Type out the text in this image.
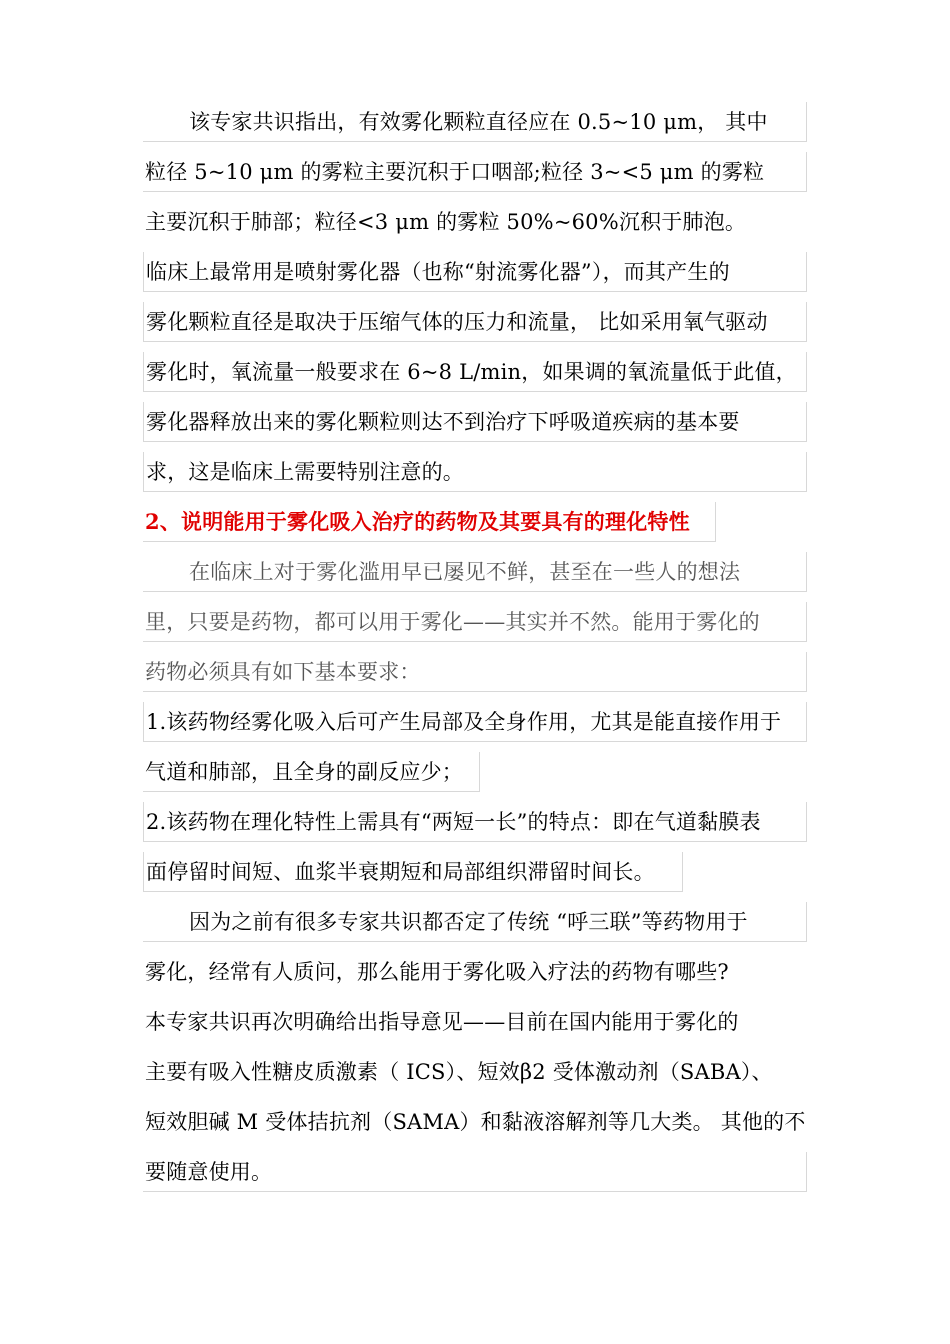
该专家共识指出，有效雾化颗粒直径应在 0.5~10 μm， 其中
粒径 5~10 μm 的雾粒主要沉积于口咽部;粒径 3~<5 μm 的雾粒
主要沉积于肺部；粒径<3 μm 的雾粒 50%~60%沉积于肺泡。
临床上最常用是喷射雾化器（也称“射流雾化器”），而其产生的
雾化颗粒直径是取决于压缩气体的压力和流量， 比如采用氧气驱动
雾化时，氧流量一般要求在 6~8 L/min，如果调的氧流量低于此值，
雾化器释放出来的雾化颗粒则达不到治疗下呼吸道疾病的基本要
求，这是临床上需要特别注意的。
2、说明能用于雾化吸入治疗的药物及其要具有的理化特性
在临床上对于雾化滥用早已屡见不鲜，甚至在一些人的想法
里，只要是药物，都可以用于雾化——其实并不然。能用于雾化的
药物必须具有如下基本要求：
1.该药物经雾化吸入后可产生局部及全身作用，尤其是能直接作用于
气道和肺部，且全身的副反应少；
2.该药物在理化特性上需具有“两短一长”的特点：即在气道黏膜表
面停留时间短、血浆半衰期短和局部组织滞留时间长。
因为之前有很多专家共识都否定了传统 “呼三联”等药物用于
雾化，经常有人质问，那么能用于雾化吸入疗法的药物有哪些?
本专家共识再次明确给出指导意见——目前在国内能用于雾化的
主要有吸入性糖皮质激素（ ICS）、短效β2 受体激动剂（SABA）、
短效胆碱 M 受体拮抗剂（SAMA）和黏液溶解剂等几大类。 其他的不
要随意使用。
